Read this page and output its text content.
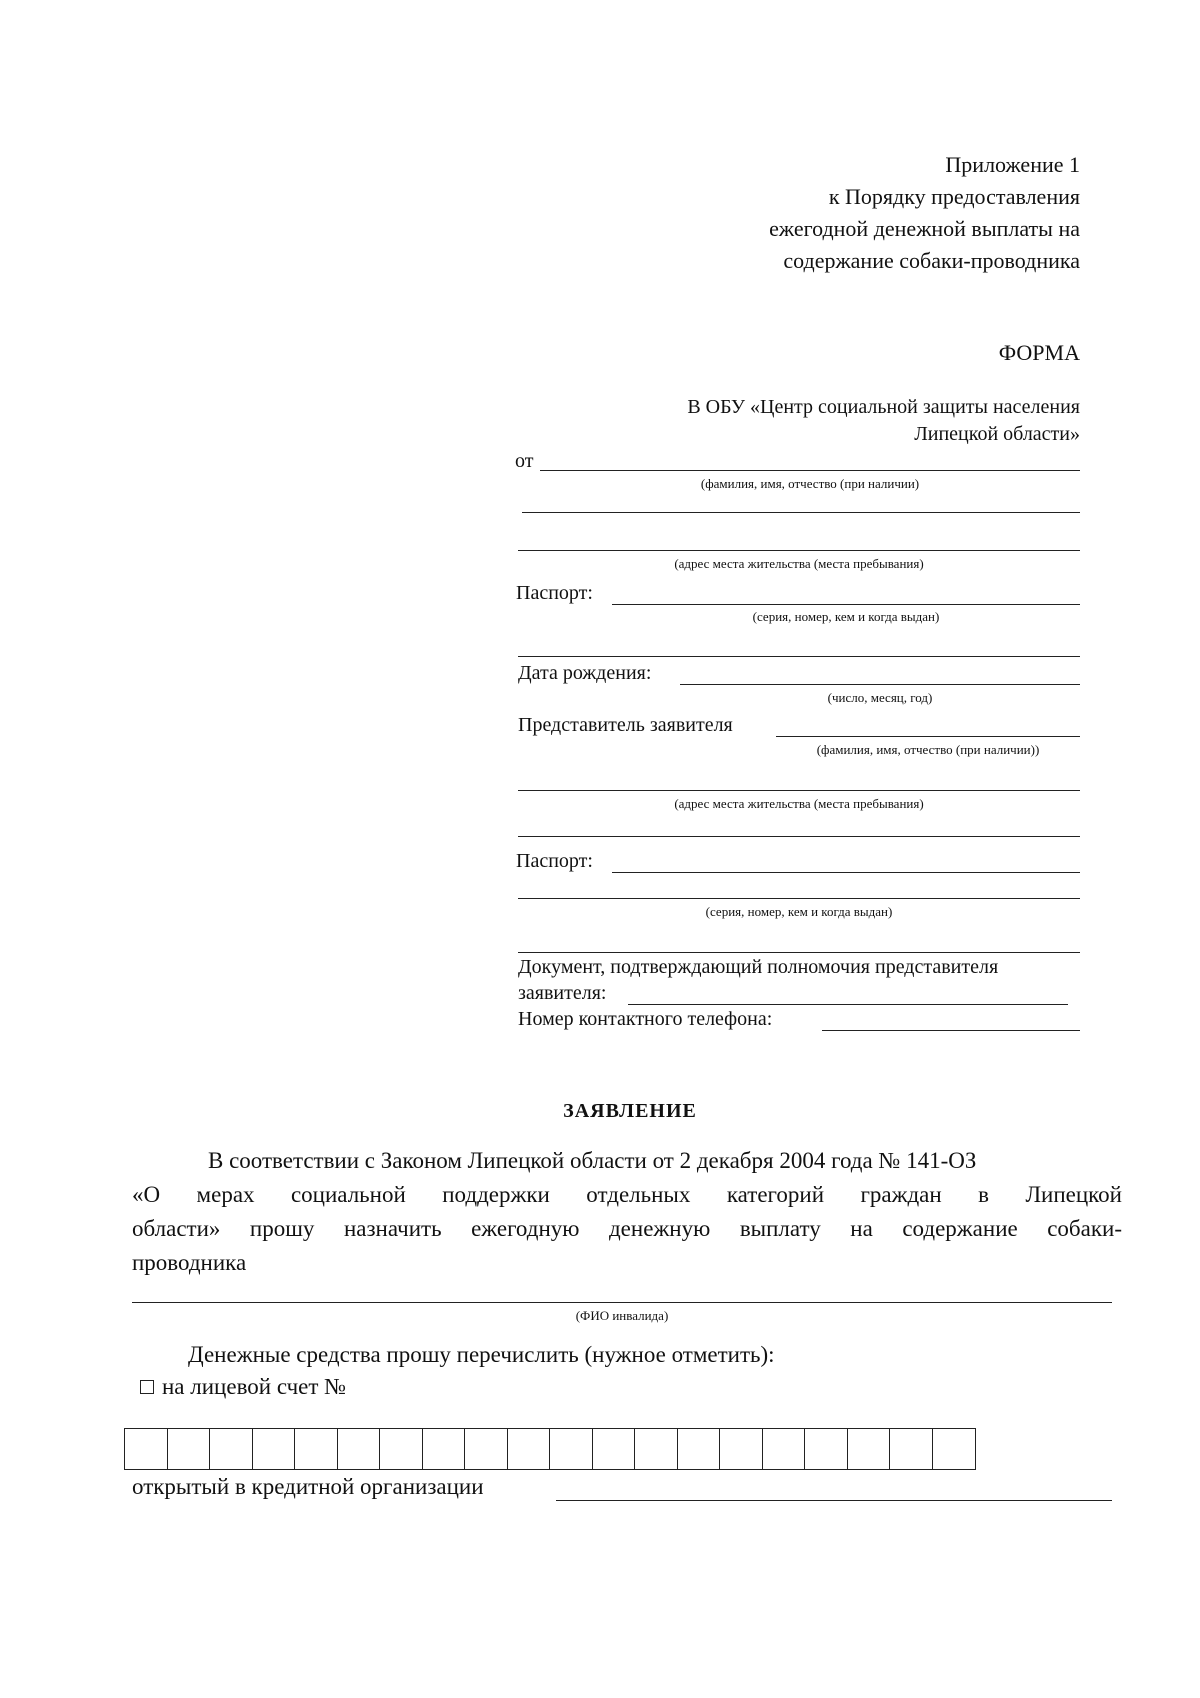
Приложение 1
к Порядку предоставления
ежегодной денежной выплаты на
содержание собаки-проводника
ФОРМА
В ОБУ «Центр социальной защиты населения
Липецкой области»
от
(фамилия, имя, отчество (при наличии)
(адрес места жительства (места пребывания)
Паспорт:
(серия, номер, кем и когда выдан)
Дата рождения:
(число, месяц, год)
Представитель заявителя
(фамилия, имя, отчество (при наличии))
(адрес места жительства (места пребывания)
Паспорт:
(серия, номер, кем и когда выдан)
Документ, подтверждающий полномочия представителя
заявителя:
Номер контактного телефона:
ЗАЯВЛЕНИЕ
В соответствии с Законом Липецкой области от 2 декабря 2004 года № 141-ОЗ
«О мерах социальной поддержки отдельных категорий граждан в Липецкой
области» прошу назначить ежегодную денежную выплату на содержание собаки-
проводника
(ФИО инвалида)
Денежные средства прошу перечислить (нужное отметить):
на лицевой счет №
открытый в кредитной организации
